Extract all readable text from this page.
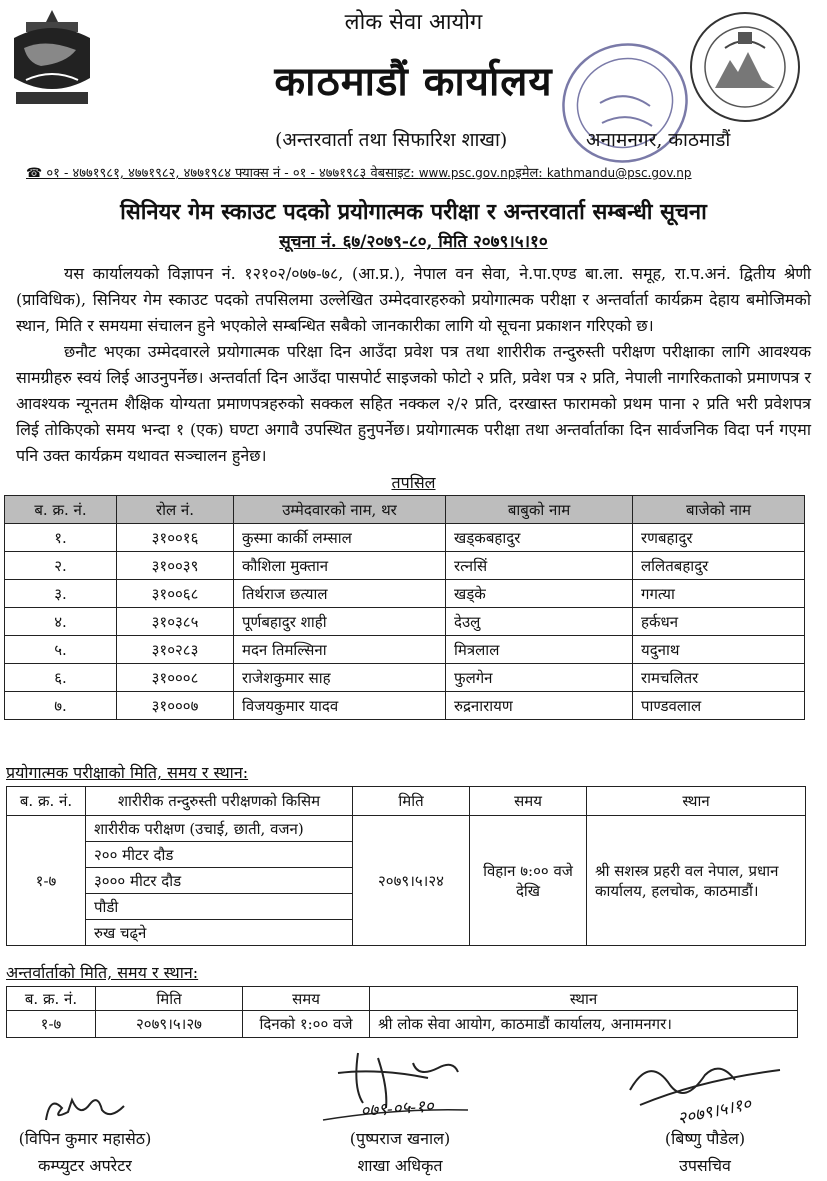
लोक सेवा आयोग
काठमाडौं कार्यालय
(अन्तरवार्ता तथा सिफारिश शाखा)	अनामनगर, काठमाडौं
☎ ०१ - ४७७१९८१, ४७७१९८२, ४७७१९८४ फ्याक्स नं - ०१ - ४७७१९८३ वेबसाइट: www.psc.gov.npइमेल: kathmandu@psc.gov.np
सिनियर गेम स्काउट पदको प्रयोगात्मक परीक्षा र अन्तरवार्ता सम्बन्धी सूचना
सूचना नं. ६७/२०७९-८०, मिति २०७९।५।१०
यस कार्यालयको विज्ञापन नं. १२१०२/०७७-७८, (आ.प्र.), नेपाल वन सेवा, ने.पा.एण्ड बा.ला. समूह, रा.प.अनं. द्वितीय श्रेणी (प्राविधिक), सिनियर गेम स्काउट पदको तपसिलमा उल्लेखित उम्मेदवारहरुको प्रयोगात्मक परीक्षा र अन्तर्वार्ता कार्यक्रम देहाय बमोजिमको स्थान, मिति र समयमा संचालन हुने भएकोले सम्बन्धित सबैको जानकारीका लागि यो सूचना प्रकाशन गरिएको छ।
छनौट भएका उम्मेदवारले प्रयोगात्मक परिक्षा दिन आउँदा प्रवेश पत्र तथा शारीरीक तन्दुरुस्ती परीक्षण परीक्षाका लागि आवश्यक सामग्रीहरु स्वयं लिई आउनुपर्नेछ। अन्तर्वार्ता दिन आउँदा पासपोर्ट साइजको फोटो २ प्रति, प्रवेश पत्र २ प्रति, नेपाली नागरिकताको प्रमाणपत्र र आवश्यक न्यूनतम शैक्षिक योग्यता प्रमाणपत्रहरुको सक्कल सहित नक्कल २/२ प्रति, दरखास्त फारामको प्रथम पाना २ प्रति भरी प्रवेशपत्र लिई तोकिएको समय भन्दा १ (एक) घण्टा अगावै उपस्थित हुनुपर्नेछ। प्रयोगात्मक परीक्षा तथा अन्तर्वार्ताका दिन सार्वजनिक विदा पर्न गएमा पनि उक्त कार्यक्रम यथावत सञ्चालन हुनेछ।
तपसिल
ब. क्र. नं.	रोल नं.	उम्मेदवारको नाम, थर	बाबुको नाम	बाजेको नाम
१.	३१००१६	कुस्मा कार्की लम्साल	खड्कबहादुर	रणबहादुर
२.	३१००३९	कौशिला मुक्तान	रत्नसिं	ललितबहादुर
३.	३१००६८	तिर्थराज छत्याल	खड्के	गगत्या
४.	३१०३८५	पूर्णबहादुर शाही	देउलु	हर्कधन
५.	३१०२८३	मदन तिमल्सिना	मित्रलाल	यदुनाथ
६.	३१०००८	राजेशकुमार साह	फुलगेन	रामचलितर
७.	३१०००७	विजयकुमार यादव	रुद्रनारायण	पाण्डवलाल
प्रयोगात्मक परीक्षाको मिति, समय र स्थान:
ब. क्र. नं.	शारीरीक तन्दुरुस्ती परीक्षणको किसिम	मिति	समय	स्थान
१-७	शारीरीक परीक्षण (उचाई, छाती, वजन)	२०७९।५।२४	विहान ७:०० वजे देखि	श्री सशस्त्र प्रहरी वल नेपाल, प्रधान कार्यालय, हलचोक, काठमाडौं।
	२०० मीटर दौड			
	३००० मीटर दौड			
	पौडी			
	रुख चढ्ने			
अन्तर्वार्ताको मिति, समय र स्थान:
ब. क्र. नं.	मिति	समय	स्थान
१-७	२०७९।५।२७	दिनको १:०० वजे	श्री लोक सेवा आयोग, काठमाडौं कार्यालय, अनामनगर।
०७९-०५-१०	२०७९।५।१०
(विपिन कुमार महासेठ)
कम्प्युटर अपरेटर
(पुष्पराज खनाल)
शाखा अधिकृत
(बिष्णु पौडेल)
उपसचिव
